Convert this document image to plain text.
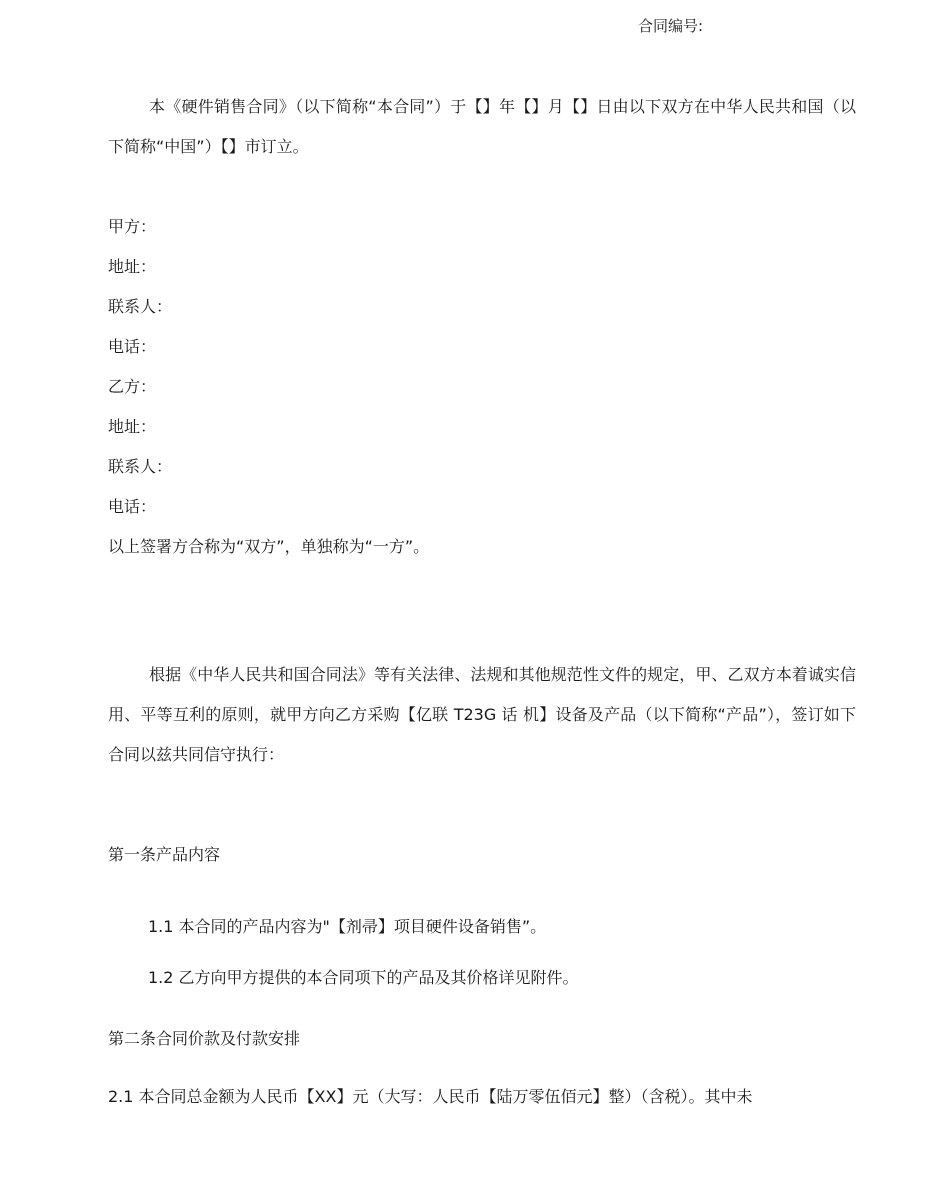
合同编号:
本《硬件销售合同》（以下简称“本合同”）于【】年【】月【】日由以下双方在中华人民共和国（以下简称“中国”）【】市订立。
甲方：
地址：
联系人：
电话：
乙方：
地址：
联系人：
电话：
以上签署方合称为“双方”，单独称为“一方”。
根据《中华人民共和国合同法》等有关法律、法规和其他规范性文件的规定，甲、乙双方本着诚实信用、平等互利的原则，就甲方向乙方采购【亿联 T23G 话 机】设备及产品（以下简称“产品”），签订如下合同以兹共同信守执行：
第一条产品内容
1.1 本合同的产品内容为"【剂帚】项目硬件设备销售”。
1.2 乙方向甲方提供的本合同项下的产品及其价格详见附件。
第二条合同价款及付款安排
2.1 本合同总金额为人民币【XX】元（大写：人民币【陆万零伍佰元】整）（含税）。其中未
